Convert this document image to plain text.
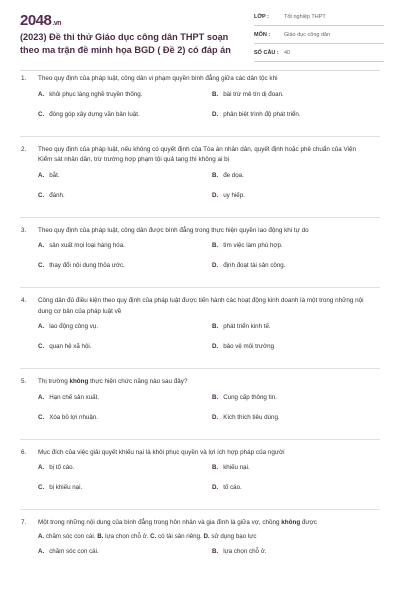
2048.vn
(2023) Đề thi thử Giáo dục công dân THPT soạn theo ma trận đề minh họa BGD ( Đề 2) có đáp án
LỚP :	Tốt nghiệp THPT
MÔN :	Giáo dục công dân
SỐ CÂU : 40
1. Theo quy định của pháp luật, công dân vi phạm quyền bình đẳng giữa các dân tộc khi
A. khôi phục làng nghề truyền thống.	B. bài trừ mê tín dị đoan.
C. đóng góp xây dựng văn bản luật.	D. phân biệt trình độ phát triển.
2. Theo quy định của pháp luật, nếu không có quyết định của Tòa án nhân dân, quyết định hoặc phê chuẩn của Viện Kiểm sát nhân dân, trừ trường hợp phạm tội quả tang thì không ai bị
A. bắt.	B. đe dọa.
C. đánh.	D. uy hiếp.
3. Theo quy định của pháp luật, công dân được bình đẳng trong thực hiện quyền lao động khi tự do
A. sản xuất mọi loại hàng hóa.	B. tìm việc làm phù hợp.
C. thay đổi nội dung thỏa ước.	D. định đoạt tài sản công.
4. Công dân đủ điều kiện theo quy định của pháp luật được tiến hành các hoạt động kinh doanh là một trong những nội dung cơ bản của pháp luật về
A. lao động công vụ.	B. phát triển kinh tế.
C. quan hệ xã hội.	D. bảo vệ môi trường
5. Thị trường không thực hiện chức năng nào sau đây?
A. Hạn chế sản xuất.	B. Cung cấp thông tin.
C. Xóa bỏ lợi nhuận.	D. Kích thích tiêu dùng.
6. Mục đích của việc giải quyết khiếu nại là khôi phục quyền và lợi ích hợp pháp của người
A. bị tố cáo.	B. khiếu nại.
C. bị khiếu nại.	D. tố cáo.
7. Một trong những nội dung của bình đẳng trong hôn nhân và gia đình là giữa vợ, chồng không được
A. chăm sóc con cái. B. lựa chọn chỗ ở. C. có tài sản riêng. D. sử dụng bạo lực
A. chăm sóc con cái.	B. lựa chọn chỗ ở.
